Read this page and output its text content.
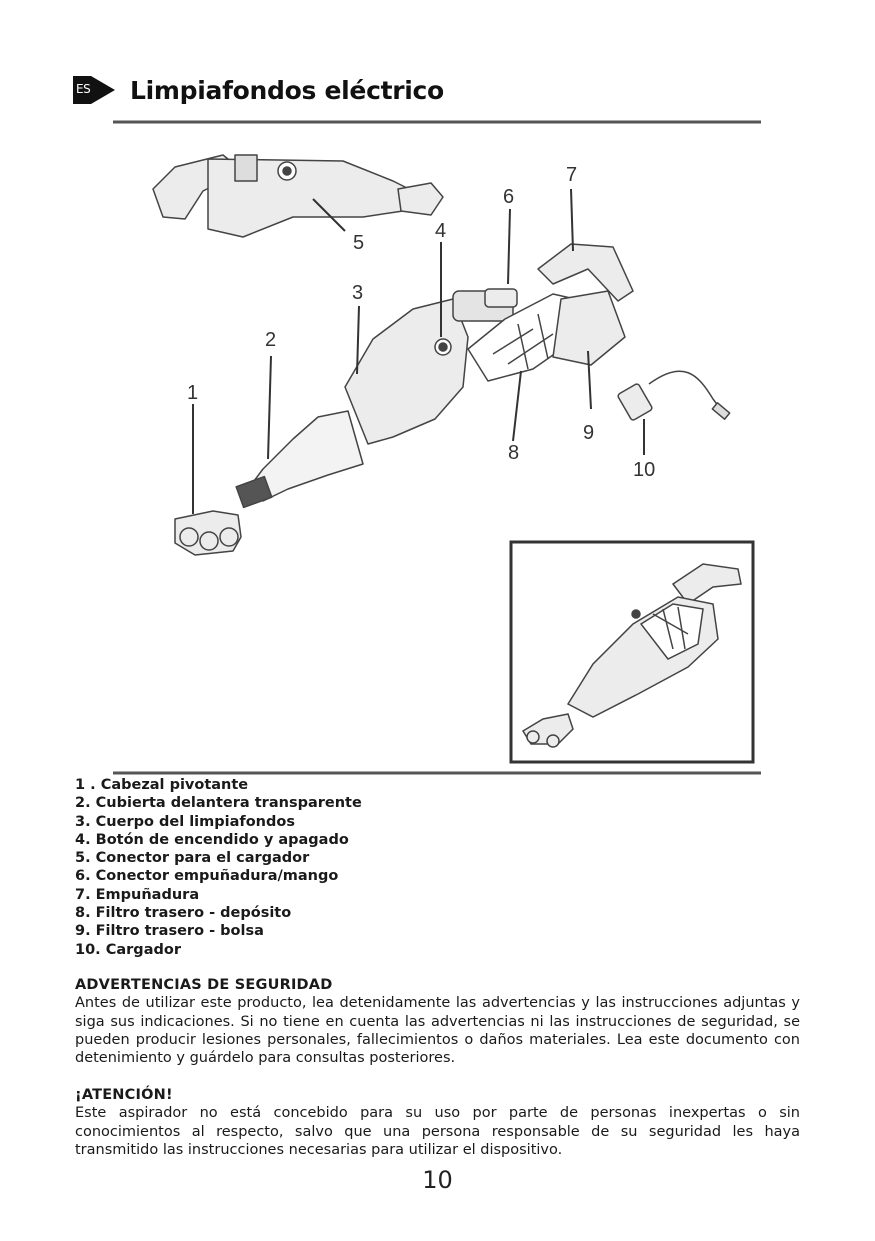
ES Limpiafondos eléctrico
1
2
3
4
5
6
7
8
9
10
1 . Cabezal pivotante
2. Cubierta delantera transparente
3. Cuerpo del limpiafondos
4. Botón de encendido y apagado
5. Conector para el cargador
6. Conector empuñadura/mango
7. Empuñadura
8. Filtro trasero - depósito
9. Filtro trasero - bolsa
10. Cargador
ADVERTENCIAS DE SEGURIDAD

Antes de utilizar este producto, lea detenidamente las advertencias y las instrucciones adjuntas y siga sus indicaciones. Si no tiene en cuenta las advertencias ni las instrucciones de seguridad, se pueden producir lesiones personales, fallecimientos o daños materiales. Lea este documento con detenimiento y guárdelo para consultas posteriores.

¡ATENCIÓN!

Este aspirador no está concebido para su uso por parte de personas inexpertas o sin conocimientos al respecto, salvo que una persona responsable de su seguridad les haya transmitido las instrucciones necesarias para utilizar el dispositivo.

10
